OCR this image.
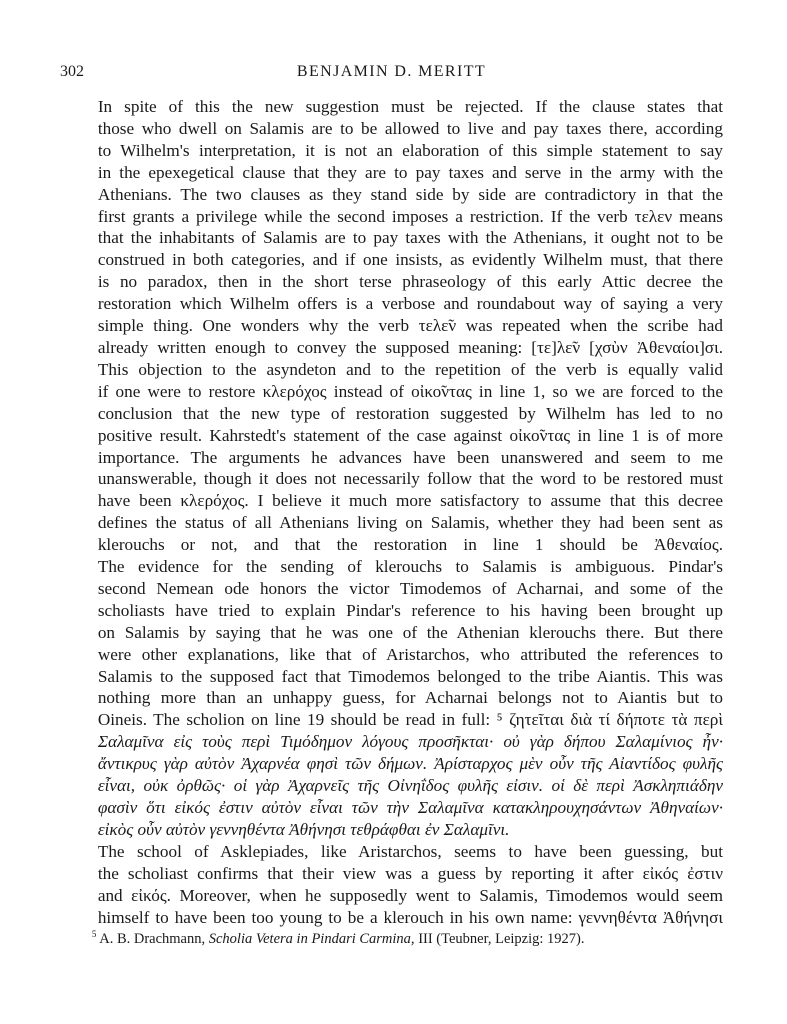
302	BENJAMIN D. MERITT

In spite of this the new suggestion must be rejected. If the clause states that
those who dwell on Salamis are to be allowed to live and pay taxes there, according
to Wilhelm's interpretation, it is not an elaboration of this simple statement to say
in the epexegetical clause that they are to pay taxes and serve in the army with the
Athenians. The two clauses as they stand side by side are contradictory in that the
first grants a privilege while the second imposes a restriction. If the verb τελεν means
that the inhabitants of Salamis are to pay taxes with the Athenians, it ought not to be
construed in both categories, and if one insists, as evidently Wilhelm must, that there
is no paradox, then in the short terse phraseology of this early Attic decree the
restoration which Wilhelm offers is a verbose and roundabout way of saying a very
simple thing. One wonders why the verb τελε̃ν was repeated when the scribe had
already written enough to convey the supposed meaning: [τε]λε̃ν [χσὺν Ἀθεναίοι]σι.

This objection to the asyndeton and to the repetition of the verb is equally valid
if one were to restore κλερόχος instead of οἰκο̃ντας in line 1, so we are forced to the
conclusion that the new type of restoration suggested by Wilhelm has led to no
positive result. Kahrstedt's statement of the case against οἰκο̃ντας in line 1 is of more
importance. The arguments he advances have been unanswered and seem to me
unanswerable, though it does not necessarily follow that the word to be restored must
have been κλερόχος. I believe it much more satisfactory to assume that this decree
defines the status of all Athenians living on Salamis, whether they had been sent as
klerouchs or not, and that the restoration in line 1 should be Ἀθεναίος.

The evidence for the sending of klerouchs to Salamis is ambiguous. Pindar's
second Nemean ode honors the victor Timodemos of Acharnai, and some of the
scholiasts have tried to explain Pindar's reference to his having been brought up
on Salamis by saying that he was one of the Athenian klerouchs there. But there
were other explanations, like that of Aristarchos, who attributed the references to
Salamis to the supposed fact that Timodemos belonged to the tribe Aiantis. This was
nothing more than an unhappy guess, for Acharnai belongs not to Aiantis but to
Oineis. The scholion on line 19 should be read in full: ⁵ ζητεῖται διὰ τί δήποτε τὰ περὶ
Σαλαμῖνα εἰς τοὺς περὶ Τιμόδημον λόγους προσῆκται· οὐ γὰρ δήπου Σαλαμίνιος ἦν·
ἄντικρυς γὰρ αὐτὸν Ἀχαρνέα φησὶ τῶν δήμων. Ἀρίσταρχος μὲν οὖν τῆς Αἰαντίδος φυλῆς
εἶναι, οὐκ ὀρθῶς· οἱ γὰρ Ἀχαρνεῖς τῆς Οἰνηΐδος φυλῆς εἰσιν. οἱ δὲ περὶ Ἀσκληπιάδην
φασὶν ὅτι εἰκός ἐστιν αὐτὸν εἶναι τῶν τὴν Σαλαμῖνα κατακληρουχησάντων Ἀθηναίων·
εἰκὸς οὖν αὐτὸν γεννηθέντα Ἀθήνησι τεθράφθαι ἐν Σαλαμῖνι.

The school of Asklepiades, like Aristarchos, seems to have been guessing, but
the scholiast confirms that their view was a guess by reporting it after εἰκός ἐστιν
and εἰκός. Moreover, when he supposedly went to Salamis, Timodemos would seem
himself to have been too young to be a klerouch in his own name: γεννηθέντα Ἀθήνησι

$^5$ A. B. Drachmann, Scholia Vetera in Pindari Carmina, III (Teubner, Leipzig: 1927).
